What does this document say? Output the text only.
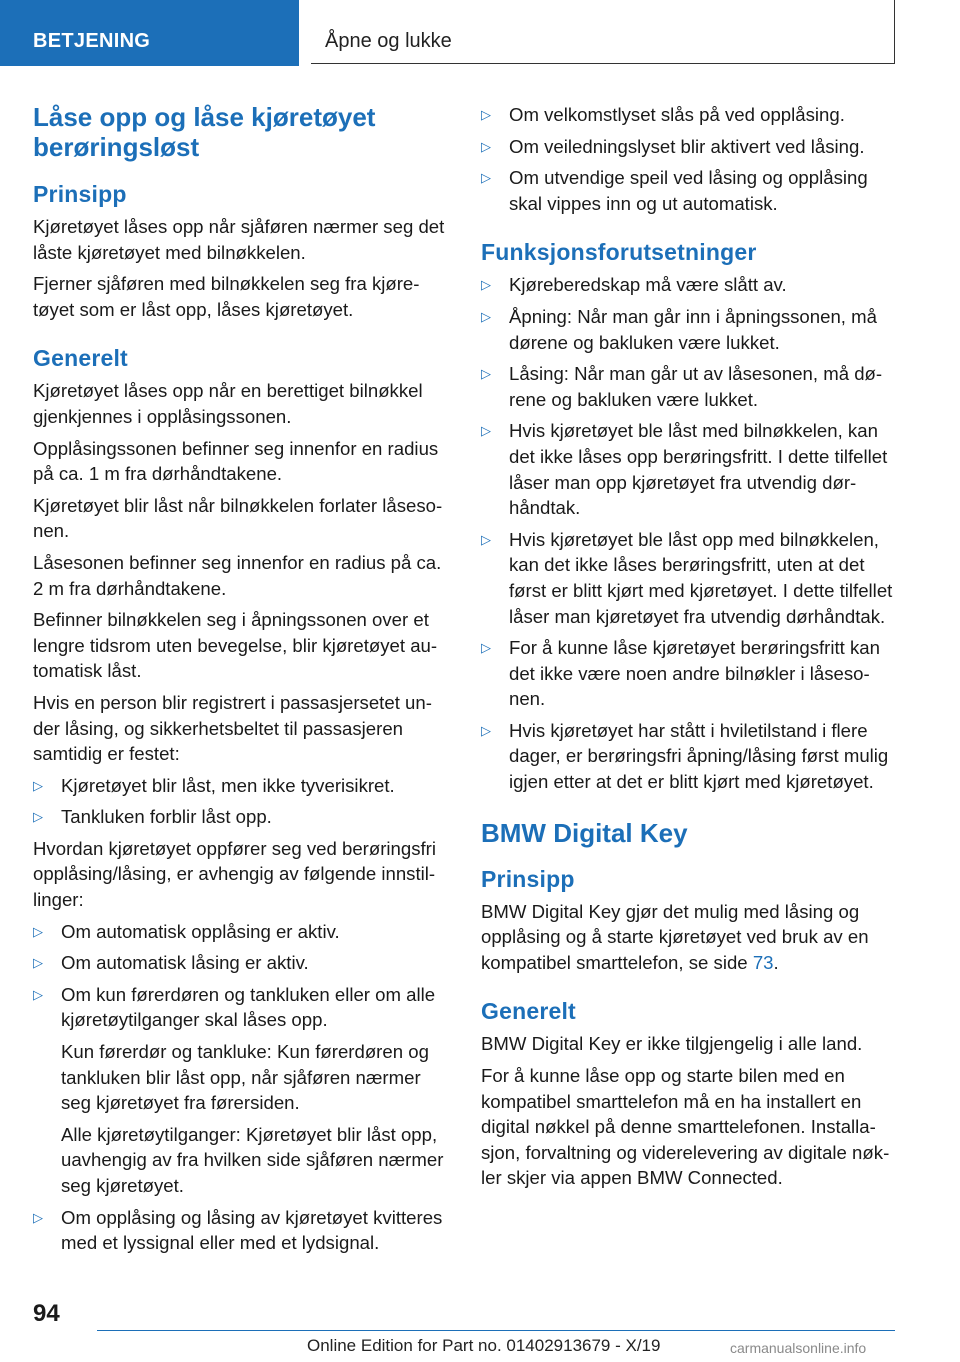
BETJENING	Åpne og lukke
Låse opp og låse kjøretøyet berøringsløst
Prinsipp

Kjøretøyet låses opp når sjåføren nærmer seg det låste kjøretøyet med bilnøkkelen.

Fjerner sjåføren med bilnøkkelen seg fra kjøretøyet som er låst opp, låses kjøretøyet.

Generelt

Kjøretøyet låses opp når en berettiget bilnøkkel gjenkjennes i opplåsingssonen.

Opplåsingssonen befinner seg innenfor en radius på ca. 1 m fra dørhåndtakene.

Kjøretøyet blir låst når bilnøkkelen forlater låsesonen.

Låsesonen befinner seg innenfor en radius på ca. 2 m fra dørhåndtakene.

Befinner bilnøkkelen seg i åpningssonen over et lengre tidsrom uten bevegelse, blir kjøretøyet automatisk låst.

Hvis en person blir registrert i passasjersetet under låsing, og sikkerhetsbeltet til passasjeren samtidig er festet:

▷ Kjøretøyet blir låst, men ikke tyverisikret.
▷ Tankluken forblir låst opp.

Hvordan kjøretøyet oppfører seg ved berøringsfri opplåsing/låsing, er avhengig av følgende innstillinger:

▷ Om automatisk opplåsing er aktiv.
▷ Om automatisk låsing er aktiv.
▷ Om kun førerdøren og tankluken eller om alle kjøretøytilganger skal låses opp.

Kun førerdør og tankluke: Kun førerdøren og tankluken blir låst opp, når sjåføren nærmer seg kjøretøyet fra førersiden.

Alle kjøretøytilganger: Kjøretøyet blir låst opp, uavhengig av fra hvilken side sjåføren nærmer seg kjøretøyet.

▷ Om opplåsing og låsing av kjøretøyet kvitteres med et lyssignal eller med et lydsignal.
▷ Om velkomstlyset slås på ved opplåsing.
▷ Om veiledningslyset blir aktivert ved låsing.
▷ Om utvendige speil ved låsing og opplåsing skal vippes inn og ut automatisk.
Funksjonsforutsetninger
▷ Kjøreberedskap må være slått av.
▷ Åpning: Når man går inn i åpningssonen, må dørene og bakluken være lukket.
▷ Låsing: Når man går ut av låsesonen, må dørene og bakluken være lukket.
▷ Hvis kjøretøyet ble låst med bilnøkkelen, kan det ikke låses opp berøringsfritt. I dette tilfellet låser man opp kjøretøyet fra utvendig dørhåndtak.
▷ Hvis kjøretøyet ble låst opp med bilnøkkelen, kan det ikke låses berøringsfritt, uten at det først er blitt kjørt med kjøretøyet. I dette tilfellet låser man kjøretøyet fra utvendig dørhåndtak.
▷ For å kunne låse kjøretøyet berøringsfritt kan det ikke være noen andre bilnøkler i låsesonen.
▷ Hvis kjøretøyet har stått i hviletilstand i flere dager, er berøringsfri åpning/låsing først mulig igjen etter at det er blitt kjørt med kjøretøyet.
BMW Digital Key
Prinsipp

BMW Digital Key gjør det mulig med låsing og opplåsing og å starte kjøretøyet ved bruk av en kompatibel smarttelefon, se side 73.

Generelt

BMW Digital Key er ikke tilgjengelig i alle land.

For å kunne låse opp og starte bilen med en kompatibel smarttelefon må en ha installert en digital nøkkel på denne smarttelefonen. Installasjon, forvaltning og viderelevering av digitale nøkler skjer via appen BMW Connected.

94
Online Edition for Part no. 01402913679 - X/19	carmanualsonline.info
